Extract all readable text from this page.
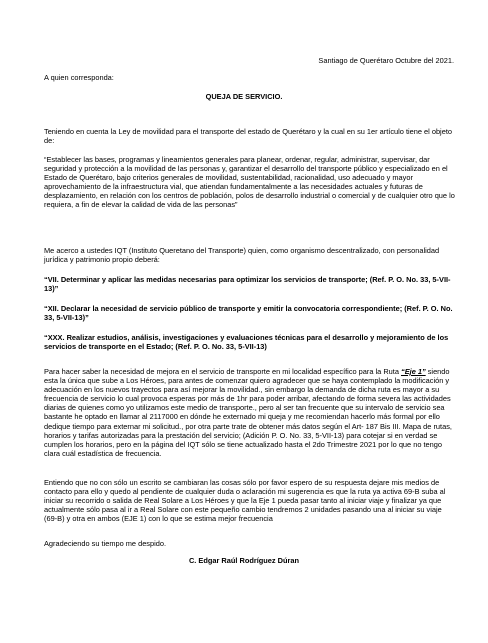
Santiago de Querétaro Octubre del 2021.

A quien corresponda:

QUEJA DE SERVICIO.

Teniendo en cuenta la Ley de movilidad para el transporte del estado de Querétaro y la cual en su 1er artículo tiene el objeto de:

“Establecer las bases, programas y lineamientos generales para planear, ordenar, regular, administrar, supervisar, dar seguridad y protección a la movilidad de las personas y, garantizar el desarrollo del transporte público y especializado en el Estado de Querétaro, bajo criterios generales de movilidad, sustentabilidad, racionalidad, uso adecuado y mayor aprovechamiento de la infraestructura vial, que atiendan fundamentalmente a las necesidades actuales y futuras de desplazamiento, en relación con los centros de población, polos de desarrollo industrial o comercial y de cualquier otro que lo requiera, a fin de elevar la calidad de vida de las personas”

Me acerco a ustedes IQT (Instituto Queretano del Transporte) quien, como organismo descentralizado, con personalidad jurídica y patrimonio propio deberá:

“VII. Determinar y aplicar las medidas necesarias para optimizar los servicios de transporte; (Ref. P. O. No. 33, 5-VII-13)”

“XII. Declarar la necesidad de servicio público de transporte y emitir la convocatoria correspondiente; (Ref. P. O. No. 33, 5-VII-13)”

“XXX. Realizar estudios, análisis, investigaciones y evaluaciones técnicas para el desarrollo y mejoramiento de los servicios de transporte en el Estado; (Ref. P. O. No. 33, 5-VII-13)

Para hacer saber la necesidad de mejora en el servicio de transporte en mi localidad específico para la Ruta “Eje 1” siendo esta la única que sube a Los Héroes, para antes de comenzar quiero agradecer que se haya contemplado la modificación y adecuación en los nuevos trayectos para así mejorar la movilidad., sin embargo la demanda de dicha ruta es mayor a su frecuencia de servicio lo cual provoca esperas por más de 1hr para poder arribar, afectando de forma severa las actividades diarias de quienes como yo utilizamos este medio de transporte., pero al ser tan frecuente que su intervalo de servicio sea bastante he optado en llamar al 2117000 en dónde he externado mi queja y me recomiendan hacerlo más formal por ello dedique tiempo para externar mi solicitud., por otra parte trate de obtener más datos según el Art- 187 Bis III. Mapa de rutas, horarios y tarifas autorizadas para la prestación del servicio; (Adición P. O. No. 33, 5-VII-13) para cotejar si en verdad se cumplen los horarios, pero en la página del IQT sólo se tiene actualizado hasta el 2do Trimestre 2021 por lo que no tengo clara cuál estadística de frecuencia.

Entiendo que no con sólo un escrito se cambiaran las cosas sólo por favor espero de su respuesta dejare mis medios de contacto para ello y quedo al pendiente de cualquier duda o aclaración mi sugerencia es que la ruta ya activa 69-B suba al iniciar su recorrido o salida de Real Solare a Los Héroes y que la Eje 1 pueda pasar tanto al iniciar viaje y finalizar ya que actualmente sólo pasa al ir a Real Solare con este pequeño cambio tendremos 2 unidades pasando una al iniciar su viaje (69-B) y otra en ambos (EJE 1) con lo que se estima mejor frecuencia

Agradeciendo su tiempo me despido.

C. Edgar Raúl Rodríguez Dúran
